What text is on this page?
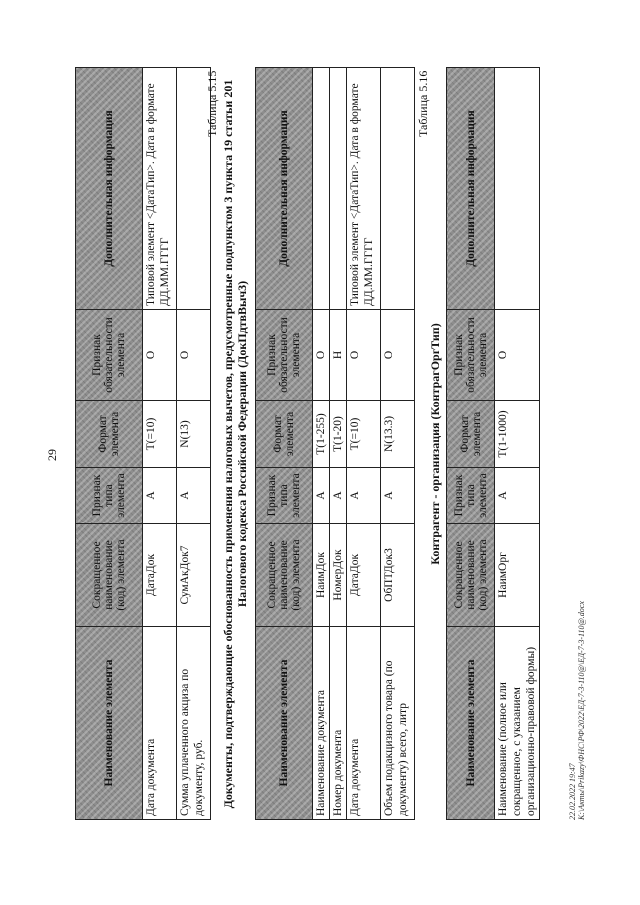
29
Наименование элемента	Сокращенное наименование (код) элемента	Признак типа элемента	Формат элемента	Признак обязательности элемента	Дополнительная информация
Дата документа	ДатаДок	А	T(=10)	О	Типовой элемент <ДатаТип>. Дата в формате ДД.ММ.ГГГГ
Сумма уплаченного акциза по документу, руб.	СумАкДок7	А	N(13)	О	
Таблица 5.15 Документы, подтверждающие обоснованность применения налоговых вычетов, предусмотренные подпунктом 3 пункта 19 статьи 201 Налогового кодекса Российской Федерации (ДокПдтвВыч3)
Наименование элемента	Сокращенное наименование (код) элемента	Признак типа элемента	Формат элемента	Признак обязательности элемента	Дополнительная информация
Наименование документа	НаимДок	А	T(1-255)	О	
Номер документа	НомерДок	А	T(1-20)	Н	
Дата документа	ДатаДок	А	T(=10)	О	Типовой элемент <ДатаТип>. Дата в формате ДД.ММ.ГГГГ
Объем подакцизного товара (по документу) всего, литр	ОбПТДок3	А	N(13.3)	О	
Таблица 5.16
Контрагент - организация (КонтрагОргТип)
Наименование элемента	Сокращенное наименование (код) элемента	Признак типа элемента	Формат элемента	Признак обязательности элемента	Дополнительная информация
Наименование (полное или сокращенное, с указанием организационно-правовой формы)	НаимОрг	А	T(1-1000)	О	
22.02.2022 19:47 К:\Акты\Prikazy\ФНС\РФ\2022\ЕД-7-3-110@\ЕД-7-3-110@.docx
